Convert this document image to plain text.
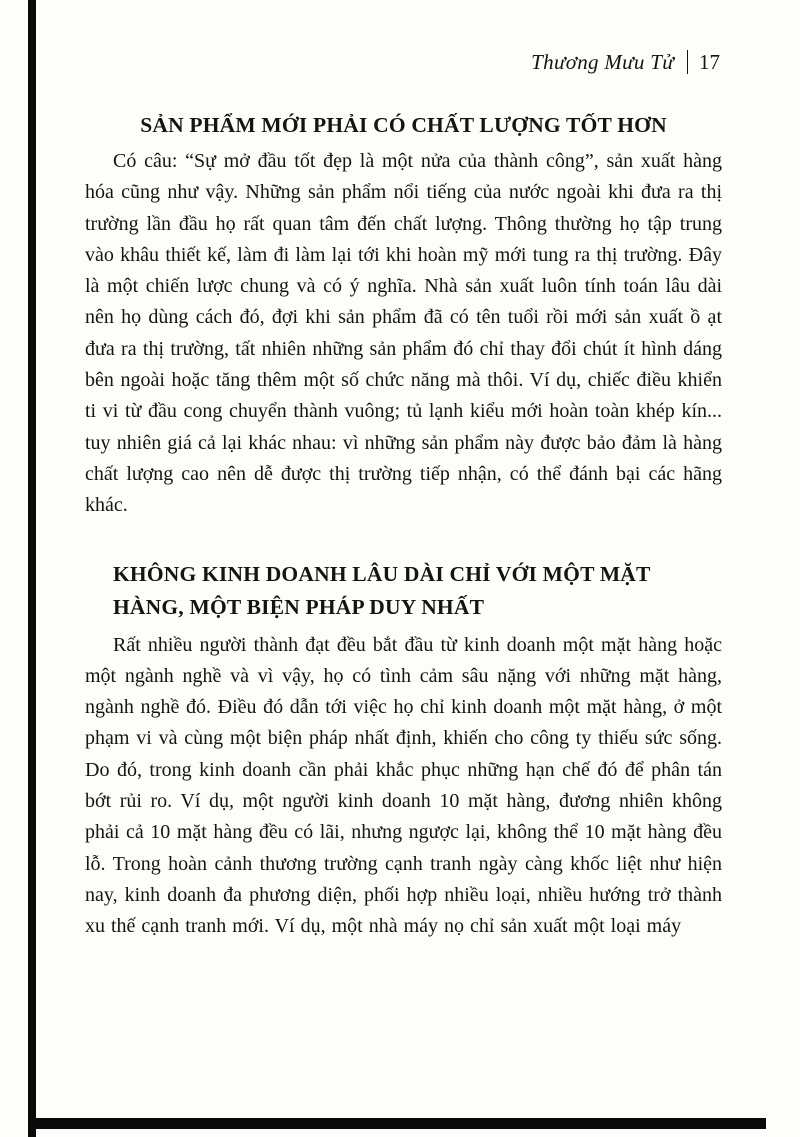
Thương Mưu Tử 17
SẢN PHẨM MỚI PHẢI CÓ CHẤT LƯỢNG TỐT HƠN

Có câu: “Sự mở đầu tốt đẹp là một nửa của thành công”, sản xuất hàng hóa cũng như vậy. Những sản phẩm nổi tiếng của nước ngoài khi đưa ra thị trường lần đầu họ rất quan tâm đến chất lượng. Thông thường họ tập trung vào khâu thiết kế, làm đi làm lại tới khi hoàn mỹ mới tung ra thị trường. Đây là một chiến lược chung và có ý nghĩa. Nhà sản xuất luôn tính toán lâu dài nên họ dùng cách đó, đợi khi sản phẩm đã có tên tuổi rồi mới sản xuất ồ ạt đưa ra thị trường, tất nhiên những sản phẩm đó chỉ thay đổi chút ít hình dáng bên ngoài hoặc tăng thêm một số chức năng mà thôi. Ví dụ, chiếc điều khiển ti vi từ đầu cong chuyển thành vuông; tủ lạnh kiểu mới hoàn toàn khép kín... tuy nhiên giá cả lại khác nhau: vì những sản phẩm này được bảo đảm là hàng chất lượng cao nên dễ được thị trường tiếp nhận, có thể đánh bại các hãng khác.

KHÔNG KINH DOANH LÂU DÀI CHỈ VỚI MỘT MẶT HÀNG, MỘT BIỆN PHÁP DUY NHẤT

Rất nhiều người thành đạt đều bắt đầu từ kinh doanh một mặt hàng hoặc một ngành nghề và vì vậy, họ có tình cảm sâu nặng với những mặt hàng, ngành nghề đó. Điều đó dẫn tới việc họ chỉ kinh doanh một mặt hàng, ở một phạm vi và cùng một biện pháp nhất định, khiến cho công ty thiếu sức sống. Do đó, trong kinh doanh cần phải khắc phục những hạn chế đó để phân tán bớt rủi ro. Ví dụ, một người kinh doanh 10 mặt hàng, đương nhiên không phải cả 10 mặt hàng đều có lãi, nhưng ngược lại, không thể 10 mặt hàng đều lỗ. Trong hoàn cảnh thương trường cạnh tranh ngày càng khốc liệt như hiện nay, kinh doanh đa phương diện, phối hợp nhiều loại, nhiều hướng trở thành xu thế cạnh tranh mới. Ví dụ, một nhà máy nọ chỉ sản xuất một loại máy
